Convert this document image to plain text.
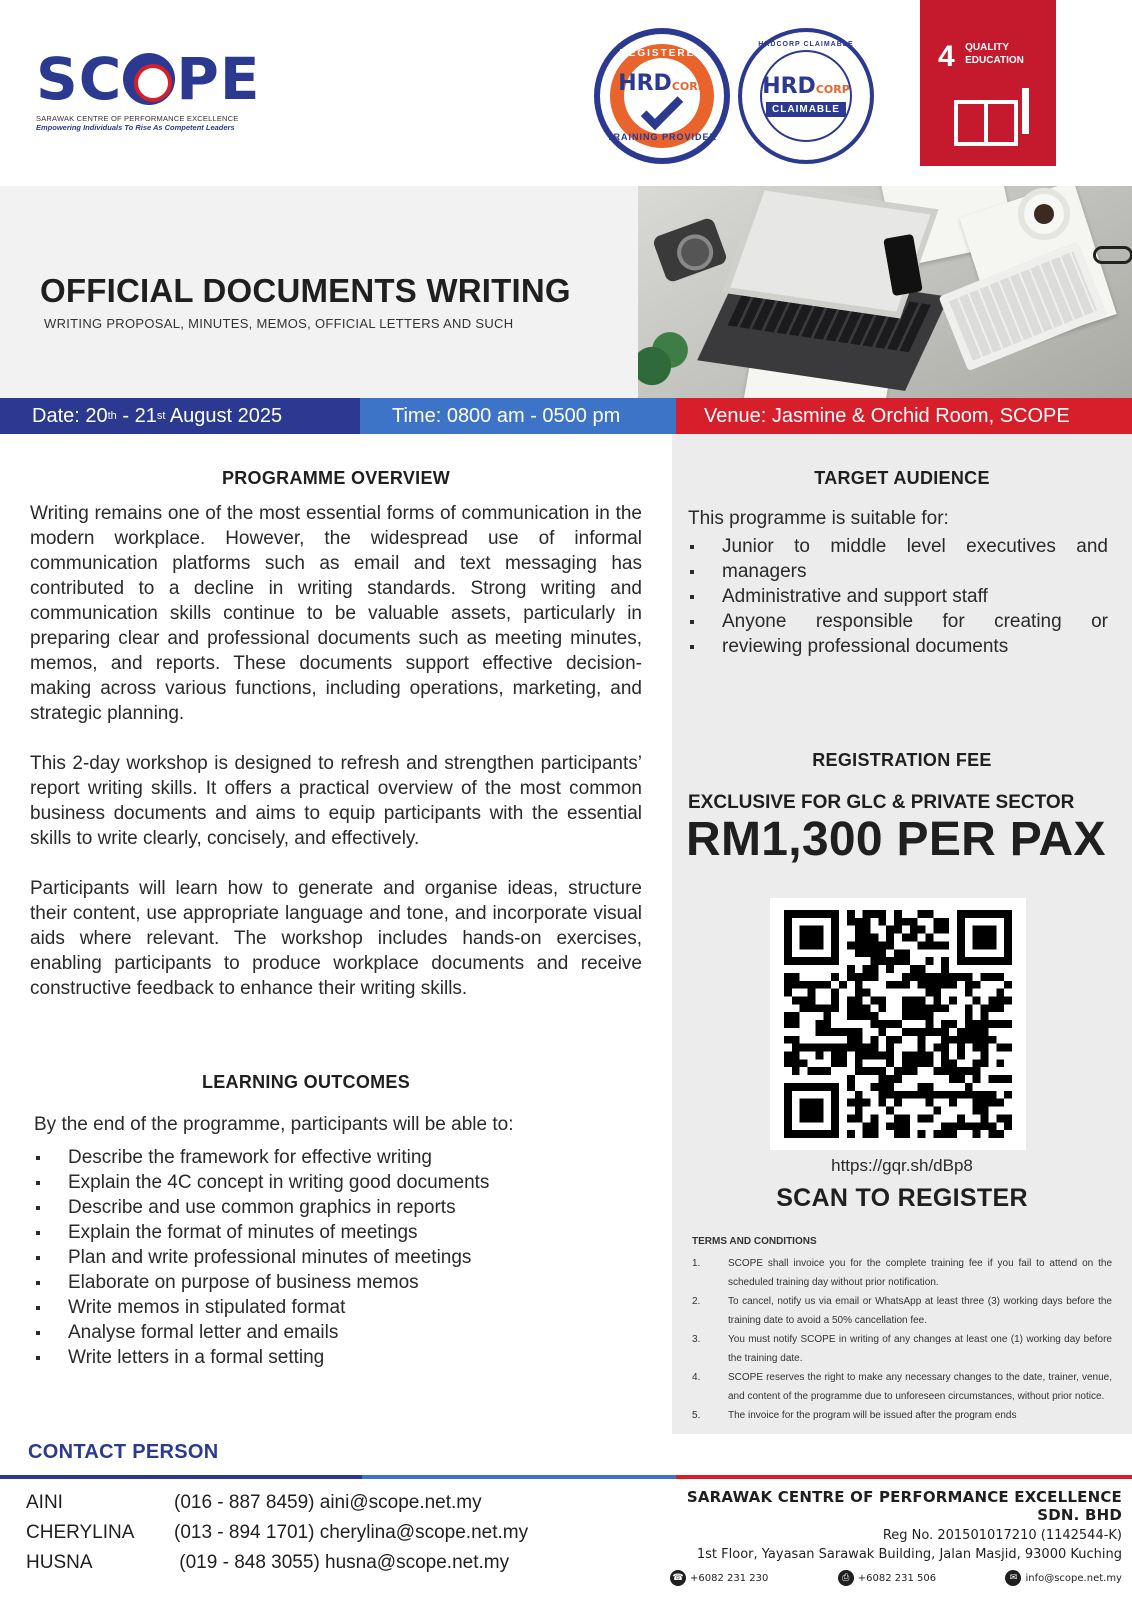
SC PE
SARAWAK CENTRE OF PERFORMANCE EXCELLENCE
Empowering Individuals To Rise As Competent Leaders
REGISTERED
HRDCORP
TRAINING PROVIDER
HRDCORP CLAIMABLE
HRDCORP
CLAIMABLE
4 QUALITY EDUCATION
OFFICIAL DOCUMENTS WRITING
WRITING PROPOSAL, MINUTES, MEMOS, OFFICIAL LETTERS AND SUCH
Date: 20 th - 21 st August 2025	Time: 0800 am - 0500 pm	Venue: Jasmine & Orchid Room, SCOPE
PROGRAMME OVERVIEW

Writing remains one of the most essential forms of communication in the modern workplace. However, the widespread use of informal communication platforms such as email and text messaging has contributed to a decline in writing standards. Strong writing and communication skills continue to be valuable assets, particularly in preparing clear and professional documents such as meeting minutes, memos, and reports. These documents support effective decision-making across various functions, including operations, marketing, and strategic planning.

This 2-day workshop is designed to refresh and strengthen participants’ report writing skills. It offers a practical overview of the most common business documents and aims to equip participants with the essential skills to write clearly, concisely, and effectively.

Participants will learn how to generate and organise ideas, structure their content, use appropriate language and tone, and incorporate visual aids where relevant. The workshop includes hands-on exercises, enabling participants to produce workplace documents and receive constructive feedback to enhance their writing skills.

LEARNING OUTCOMES
By the end of the programme, participants will be able to:
Describe the framework for effective writing
Explain the 4C concept in writing good documents
Describe and use common graphics in reports
Explain the format of minutes of meetings
Plan and write professional minutes of meetings
Elaborate on purpose of business memos
Write memos in stipulated format
Analyse formal letter and emails
Write letters in a formal setting
TARGET AUDIENCE
This programme is suitable for:
Junior to middle level executives and
managers
Administrative and support staff
Anyone responsible for creating or
reviewing professional documents
REGISTRATION FEE
EXCLUSIVE FOR GLC & PRIVATE SECTOR
RM1,300 PER PAX
https://gqr.sh/dBp8
SCAN TO REGISTER
TERMS AND CONDITIONS
1.	SCOPE shall invoice you for the complete training fee if you fail to attend on the scheduled training day without prior notification.
2.	To cancel, notify us via email or WhatsApp at least three (3) working days before the training date to avoid a 50% cancellation fee.
3.	You must notify SCOPE in writing of any changes at least one (1) working day before the training date.
4.	SCOPE reserves the right to make any necessary changes to the date, trainer, venue, and content of the programme due to unforeseen circumstances, without prior notice.
5.	The invoice for the program will be issued after the program ends
CONTACT PERSON
AINI	(016 - 887 8459) aini@scope.net.my
CHERYLINA	(013 - 894 1701) cherylina@scope.net.my
HUSNA	(019 - 848 3055) husna@scope.net.my
SARAWAK CENTRE OF PERFORMANCE EXCELLENCE SDN. BHD
Reg No. 201501017210 (1142544-K)
1st Floor, Yayasan Sarawak Building, Jalan Masjid, 93000 Kuching
☎ +6082 231 230	⎙ +6082 231 506	✉ info@scope.net.my
